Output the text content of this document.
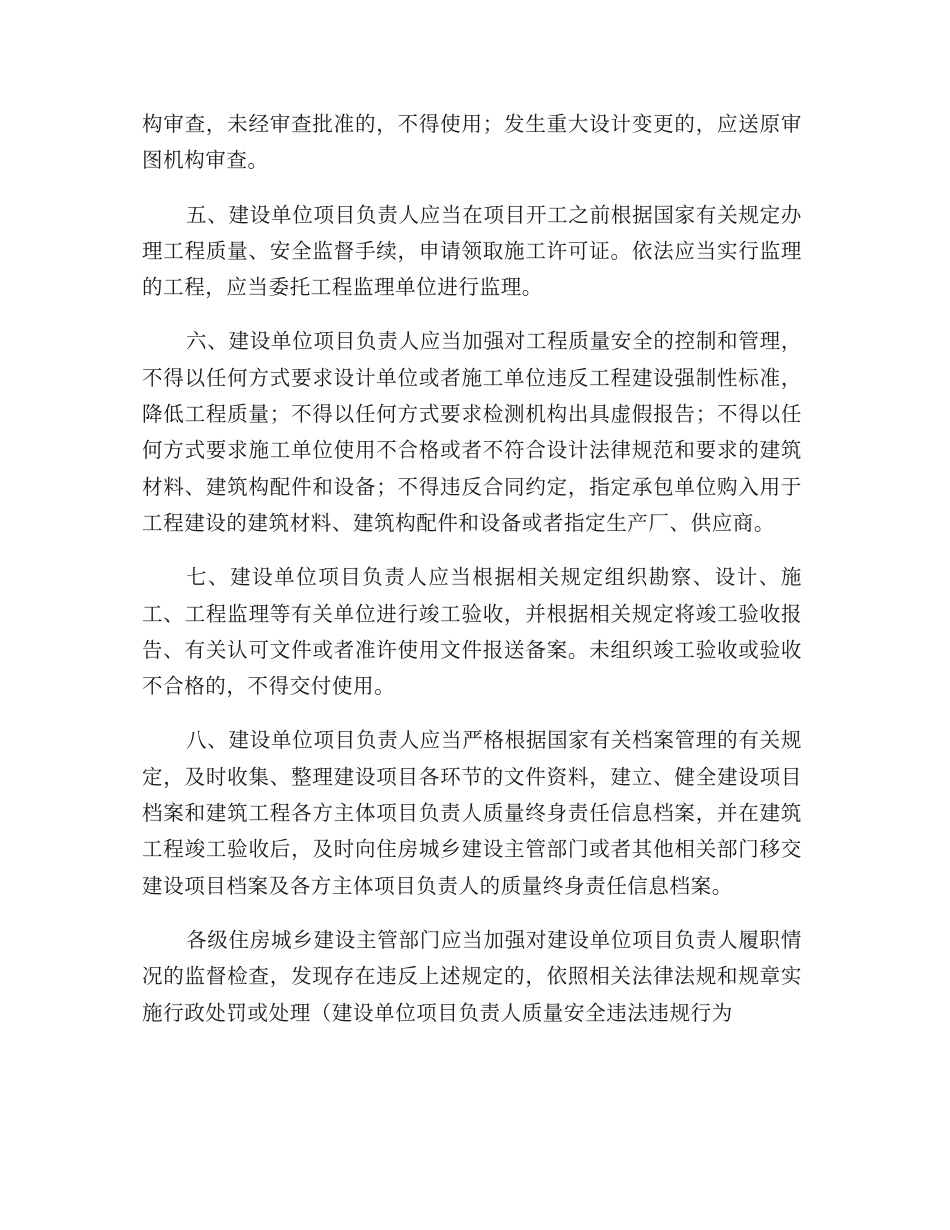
构审查，未经审查批准的，不得使用；发生重大设计变更的，应送原审图机构审查。

五、建设单位项目负责人应当在项目开工之前根据国家有关规定办理工程质量、安全监督手续，申请领取施工许可证。依法应当实行监理的工程，应当委托工程监理单位进行监理。

六、建设单位项目负责人应当加强对工程质量安全的控制和管理，不得以任何方式要求设计单位或者施工单位违反工程建设强制性标准，降低工程质量；不得以任何方式要求检测机构出具虚假报告；不得以任何方式要求施工单位使用不合格或者不符合设计法律规范和要求的建筑材料、建筑构配件和设备；不得违反合同约定，指定承包单位购入用于工程建设的建筑材料、建筑构配件和设备或者指定生产厂、供应商。

七、建设单位项目负责人应当根据相关规定组织勘察、设计、施工、工程监理等有关单位进行竣工验收，并根据相关规定将竣工验收报告、有关认可文件或者准许使用文件报送备案。未组织竣工验收或验收不合格的，不得交付使用。

八、建设单位项目负责人应当严格根据国家有关档案管理的有关规定，及时收集、整理建设项目各环节的文件资料，建立、健全建设项目档案和建筑工程各方主体项目负责人质量终身责任信息档案，并在建筑工程竣工验收后，及时向住房城乡建设主管部门或者其他相关部门移交建设项目档案及各方主体项目负责人的质量终身责任信息档案。

各级住房城乡建设主管部门应当加强对建设单位项目负责人履职情况的监督检查，发现存在违反上述规定的，依照相关法律法规和规章实施行政处罚或处理（建设单位项目负责人质量安全违法违规行为
